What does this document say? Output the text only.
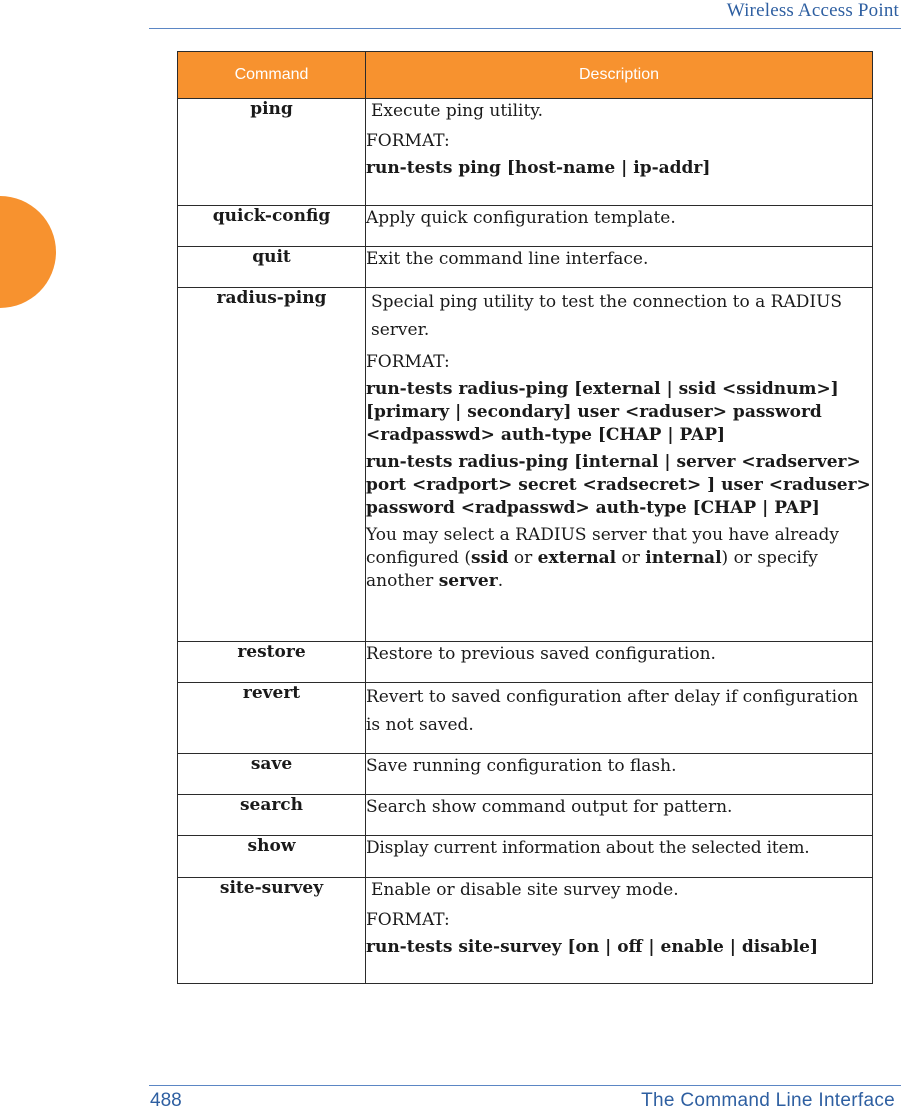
Wireless Access Point
Command	Description
ping	Execute ping utility.

FORMAT:

run-tests ping [host-name | ip-addr]

quick-config	Apply quick configuration template.

quit	Exit the command line interface.

radius-ping	Special ping utility to test the connection to a RADIUS server.

FORMAT:

run-tests radius-ping [external | ssid <ssidnum>] [primary | secondary] user <raduser> password <radpasswd> auth-type [CHAP | PAP]

run-tests radius-ping [internal | server <radserver> port <radport> secret <radsecret> ] user <raduser> password <radpasswd> auth-type [CHAP | PAP]

You may select a RADIUS server that you have already configured (ssid or external or internal) or specify another server.

restore	Restore to previous saved configuration.

revert	Revert to saved configuration after delay if configuration is not saved.

save	Save running configuration to flash.

search	Search show command output for pattern.

show	Display current information about the selected item.

site-survey	Enable or disable site survey mode.

FORMAT:

run-tests site-survey [on | off | enable | disable]

488	The Command Line Interface
